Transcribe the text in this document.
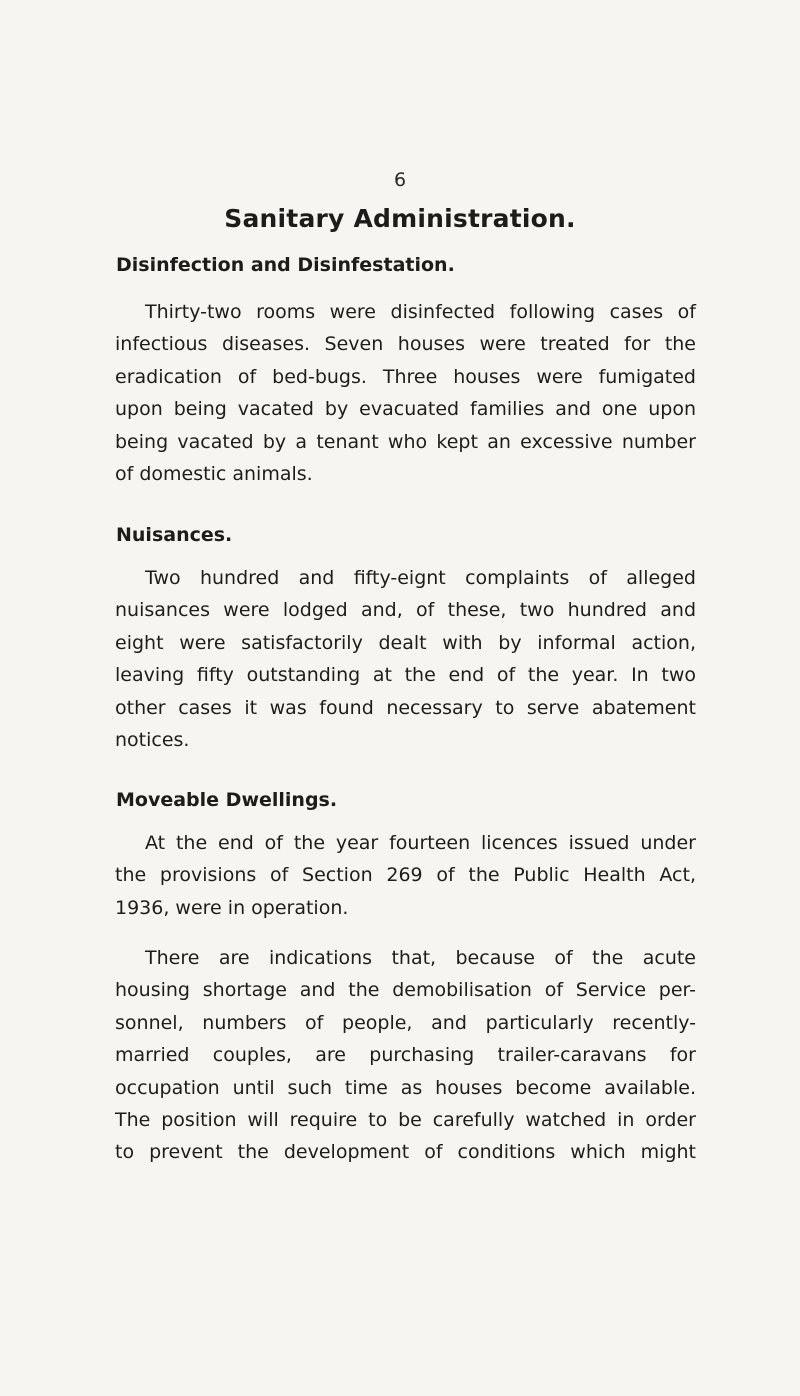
6
Sanitary Administration.
Disinfection and Disinfestation.
Thirty-two rooms were disinfected following cases of
infectious diseases. Seven houses were treated for the
eradication of bed-bugs. Three houses were fumigated
upon being vacated by evacuated families and one upon
being vacated by a tenant who kept an excessive number
of domestic animals.
Nuisances.
Two hundred and fifty-eignt complaints of alleged
nuisances were lodged and, of these, two hundred and
eight were satisfactorily dealt with by informal action,
leaving fifty outstanding at the end of the year. In two
other cases it was found necessary to serve abatement
notices.
Moveable Dwellings.
At the end of the year fourteen licences issued under
the provisions of Section 269 of the Public Health Act,
1936, were in operation.
There are indications that, because of the acute
housing shortage and the demobilisation of Service per-
sonnel, numbers of people, and particularly recently-
married couples, are purchasing trailer-caravans for
occupation until such time as houses become available.
The position will require to be carefully watched in order
to prevent the development of conditions which might
